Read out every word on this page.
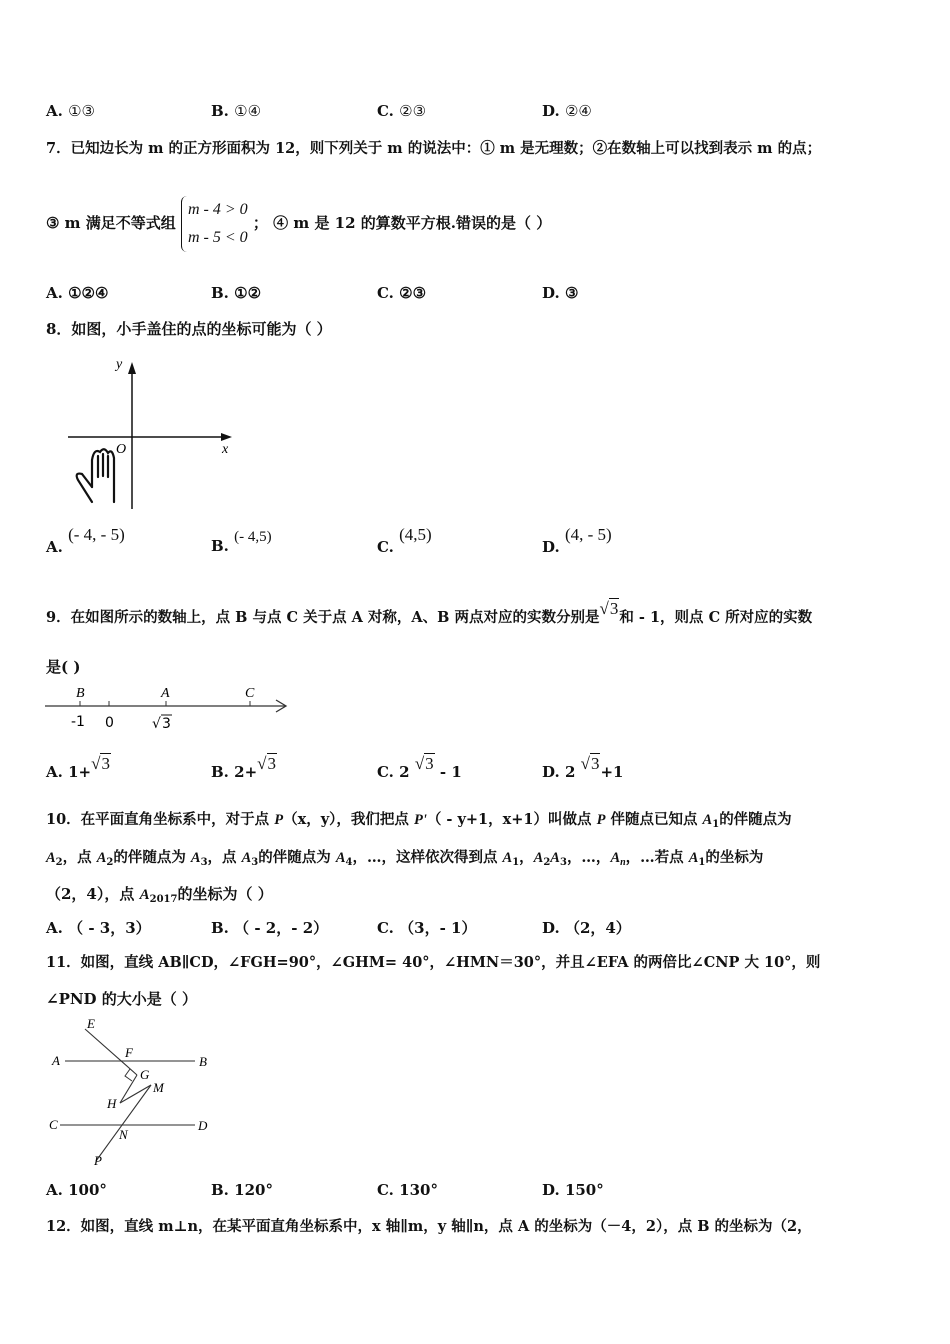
A. ①③	B. ①④	C. ②③	D. ②④
7．已知边长为 m 的正方形面积为 12，则下列关于 m 的说法中：① m 是无理数；②在数轴上可以找到表示 m 的点；
③ m 满足不等式组 m - 4 > 0
m - 5 < 0 ； ④ m 是 12 的算数平方根.错误的是（ ）
A. ①②④	B. ①②	C. ②③	D. ③
8．如图，小手盖住的点的坐标可能为（ ）
y
x
O
A. (- 4, - 5)
B. (- 4,5)
C. (4,5)
D. (4, - 5)
9．在如图所示的数轴上，点 B 与点 C 关于点 A 对称，A、B 两点对应的实数分别是√3和 - 1，则点 C 所对应的实数
是( )
B	A	C
-1 0	√ 3
A. 1+√3	B. 2+√3	C. 2 √3 - 1	D. 2 √3+1
10．在平面直角坐标系中，对于点 P（x，y），我们把点 P'（ - y+1，x+1）叫做点 P 伴随点已知点 $A_1$的伴随点为
$A_2$，点 $A_2$的伴随点为 $A_3$，点 $A_3$的伴随点为 $A_4$，…，这样依次得到点 $A_1$，$A_2A_3$，…，$A_n$，…若点 $A_1$的坐标为
（2，4），点 $A_{2017}$的坐标为（ ）
A. （ - 3，3）	B. （ - 2，- 2）	C. （3，- 1）	D. （2，4）
11．如图，直线 AB∥CD，∠FGH=90°，∠GHM= 40°，∠HMN＝30°，并且∠EFA 的两倍比∠CNP 大 10°，则
∠PND 的大小是（ ）
E
A
F
B
G
M
H
C
N
D
P
A. 100°	B. 120°	C. 130°	D. 150°
12．如图，直线 m⊥n，在某平面直角坐标系中，x 轴∥m，y 轴∥n，点 A 的坐标为（－4，2），点 B 的坐标为（2，
